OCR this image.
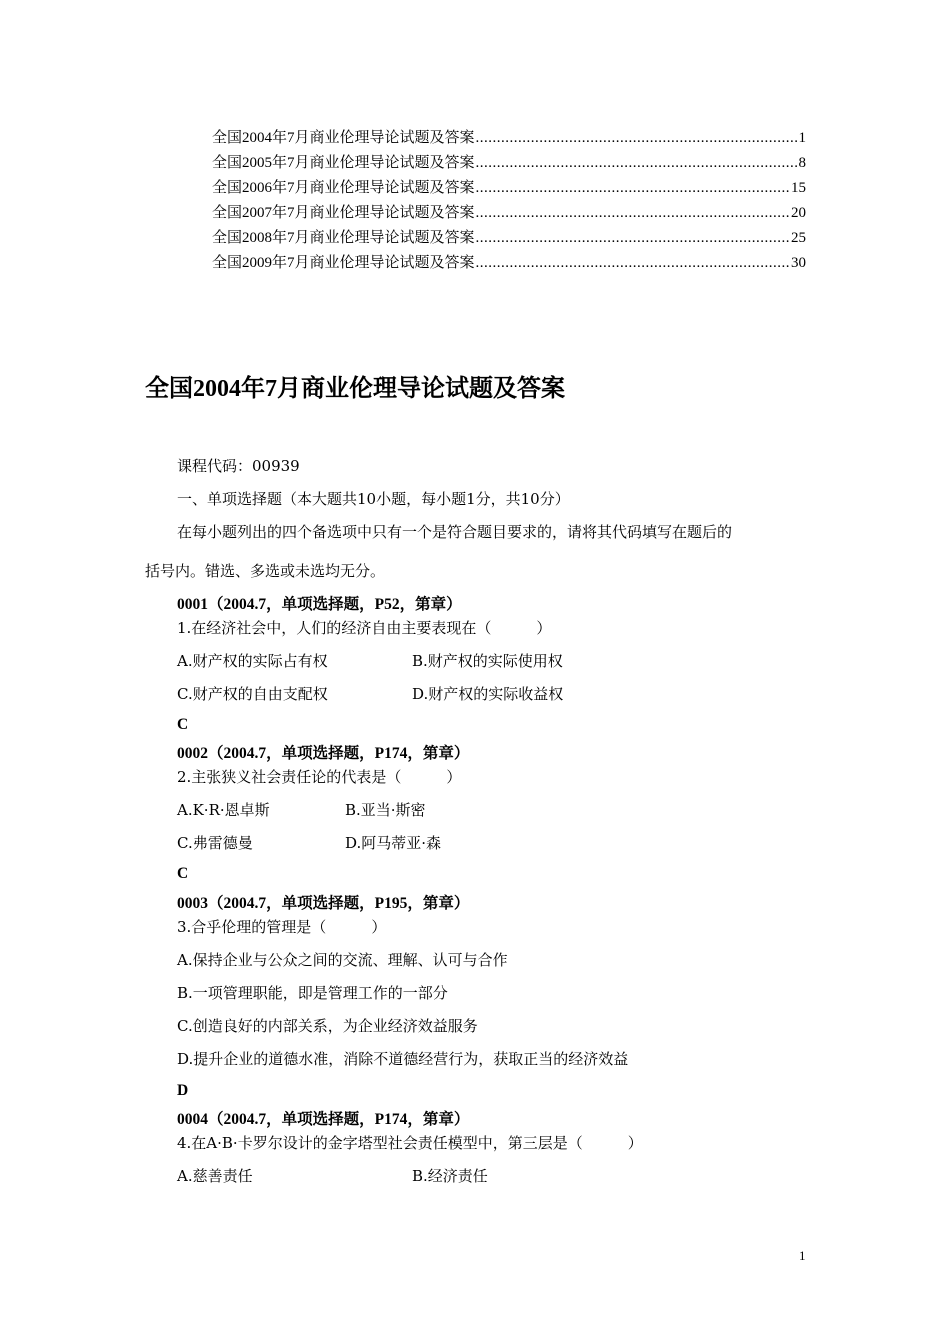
全国2004年7月商业伦理导论试题及答案 .....	1
全国2005年7月商业伦理导论试题及答案 .....	8
全国2006年7月商业伦理导论试题及答案 .....	15
全国2007年7月商业伦理导论试题及答案 .....	20
全国2008年7月商业伦理导论试题及答案 .....	25
全国2009年7月商业伦理导论试题及答案 .....	30
全国2004年7月商业伦理导论试题及答案
课程代码：00939
一、单项选择题（本大题共10小题，每小题1分，共10分）
在每小题列出的四个备选项中只有一个是符合题目要求的，请将其代码填写在题后的
括号内。错选、多选或未选均无分。
0001（2004.7，单项选择题，P52，第章）
1.在经济社会中，人们的经济自由主要表现在（　　　）
A.财产权的实际占有权	B.财产权的实际使用权
C.财产权的自由支配权	D.财产权的实际收益权
C
0002（2004.7，单项选择题，P174，第章）
2.主张狭义社会责任论的代表是（　　　）
A.K·R·恩卓斯	B.亚当·斯密
C.弗雷德曼	D.阿马蒂亚·森
C
0003（2004.7，单项选择题，P195，第章）
3.合乎伦理的管理是（　　　）
A.保持企业与公众之间的交流、理解、认可与合作
B.一项管理职能，即是管理工作的一部分
C.创造良好的内部关系，为企业经济效益服务
D.提升企业的道德水准，消除不道德经营行为，获取正当的经济效益
D
0004（2004.7，单项选择题，P174，第章）
4.在A·B·卡罗尔设计的金字塔型社会责任模型中，第三层是（　　　）
A.慈善责任	B.经济责任
1
